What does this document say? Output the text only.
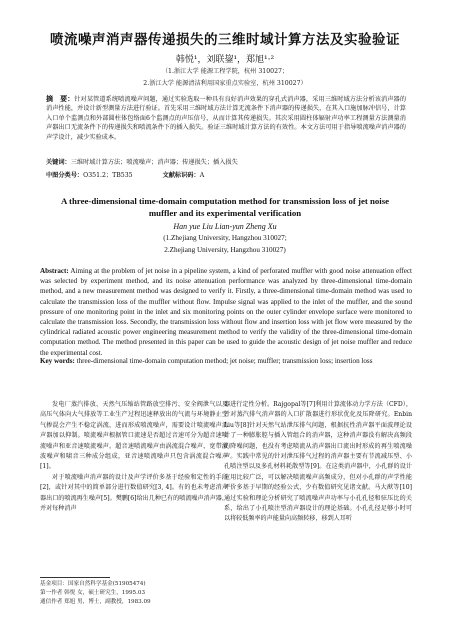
喷流噪声消声器传递损失的三维时域计算方法及实验验证
韩悦¹，刘联鋆¹，郑旭¹·²
（1.浙江大学 能源工程学院，杭州 310027；
2.浙江大学 能源清洁利用国家重点实验室，杭州 310027）
摘　要：针对某管道系统喷流噪声问题，通过实验选取一种具有良好消声效果的穿孔式消声器，采用三维时域方法分析该消声器的消声性能，并设计新型测量方法进行验证。首先采用三维时域方法计算无流条件下消声器的传递损失，在其入口施加脉冲信号，计算入口单个监测点和外部圆柱体包络面6个监测点的声压信号，从而计算其传递损失。其次采用圆柱体辐射声功率工程测量方法测量消声器出口无流条件下的传递损失和喷流条件下的插入损失。验证三维时域计算方法的有效性。本文方法可用于指导喷流噪声消声器的声学设计，减少实验成本。
关键词：三维时域计算方法；喷流噪声；消声器；传递损失；插入损失
中图分类号：O351.2；TB535	文献标识码：A
A three-dimensional time-domain computation method for transmission loss of jet noise muffler and its experimental verification
Han yue Liu Lian-yun Zheng Xu
(1.Zhejiang University, Hangzhou 310027;
2.Zhejiang University, Hangzhou 310027)
Abstract: Aiming at the problem of jet noise in a pipeline system, a kind of perforated muffler with good noise attenuation effect was selected by experiment method, and its noise attenuation performance was analyzed by three-dimensional time-domain method, and a new measurement method was designed to verify it. Firstly, a three-dimensional time-domain method was used to calculate the transmission loss of the muffler without flow. Impulse signal was applied to the inlet of the muffler, and the sound pressure of one monitoring point in the inlet and six monitoring points on the outer cylinder envelope surface were monitored to calculate the transmission loss. Secondly, the transmission loss without flow and insertion loss with jet flow were measured by the cylindrical radiated acoustic power engineering measurement method to verify the validity of the three-dimensional time-domain computation method. The method presented in this paper can be used to guide the acoustic design of jet noise muffler and reduce the experimental cost.
Key words: three-dimensional time-domain computation method; jet noise; muffler; transmission loss; insertion loss

发电厂蒸汽排放、天然气压缩站管路放空排污、安全阀泄气以及高压气体向大气排放等工业生产过程迅速释放出的气流与环境静止空气掺混会产生不稳定涡流，进而形成喷流噪声，需要设计喷流噪声消声器加以抑制。喷流噪声根据管口流速是否超过音速可分为超音速喷流噪声和亚音速喷流噪声。超音速喷流噪声由涡流混合噪声、宽带激波噪声和啸音三种成分组成，亚音速喷流噪声只包含涡流混合噪声[1]。

对于喷流噪声消声器的设计及声学评价多基于经验和定性的手段[2]，或针对其中的简单部分进行数值研究[3, 4]。有的也未考虑消声器出口的喷流再生噪声[5]。樊鹏[6]给出几种已有的喷流噪声消声器，并对每种消声

器进行定性分析。Rajgopal等[7]利用计算流体动力学方法（CFD），针对蒸汽排气消声器的入口扩散器进行形状优化及压降研究。Enbin Liu等[8]针对天然气站泄压排气问题，根据抗性消声器平面波理论设计了一种膨胀腔与插入管组合的消声器，这种消声器没有解决高频段的降噪问题，也没有考虑喷流从消声器出口流出时形成的再生喷流噪声。实践中常见的针对泄压排气过程的消声器主要有节流减压型、小孔喷注型以及多孔材料耗散型等[9]。在这类消声器中，小孔群的设计应用比较广泛，可以解决喷流噪声高频成分，但对小孔群的声学性能评价多基于早期的经验公式，少有数值研究见诸文献。马大猷等[10]通过实验和理论分析研究了喷流噪声声功率与小孔孔径和驻压比的关系，给出了小孔喷注型消声器设计的理论基础。小孔孔径足够小时可以将较低频率的声能量向高频转移，移到人耳听

基金项目：国家自然科学基金(51905474)
第一作者 韩悦 女，硕士研究生，1995.03
通信作者 郑旭 男，博士，副教授，1983.09
